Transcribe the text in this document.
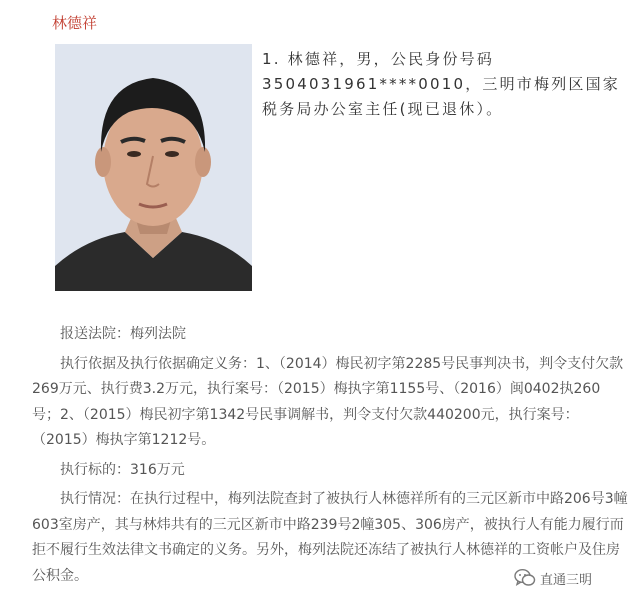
林德祥
1. 林德祥，男，公民身份号码3504031961****0010，三明市梅列区国家税务局办公室主任(现已退休）。

报送法院：梅列法院

执行依据及执行依据确定义务：1、（2014）梅民初字第2285号民事判决书，判令支付欠款269万元、执行费3.2万元，执行案号：（2015）梅执字第1155号、（2016）闽0402执260号；2、（2015）梅民初字第1342号民事调解书，判令支付欠款440200元，执行案号：（2015）梅执字第1212号。

执行标的：316万元

执行情况：在执行过程中，梅列法院查封了被执行人林德祥所有的三元区新市中路206号3幢603室房产，其与林炜共有的三元区新市中路239号2幢305、306房产，被执行人有能力履行而拒不履行生效法律文书确定的义务。另外，梅列法院还冻结了被执行人林德祥的工资帐户及住房公积金。	直通三明
